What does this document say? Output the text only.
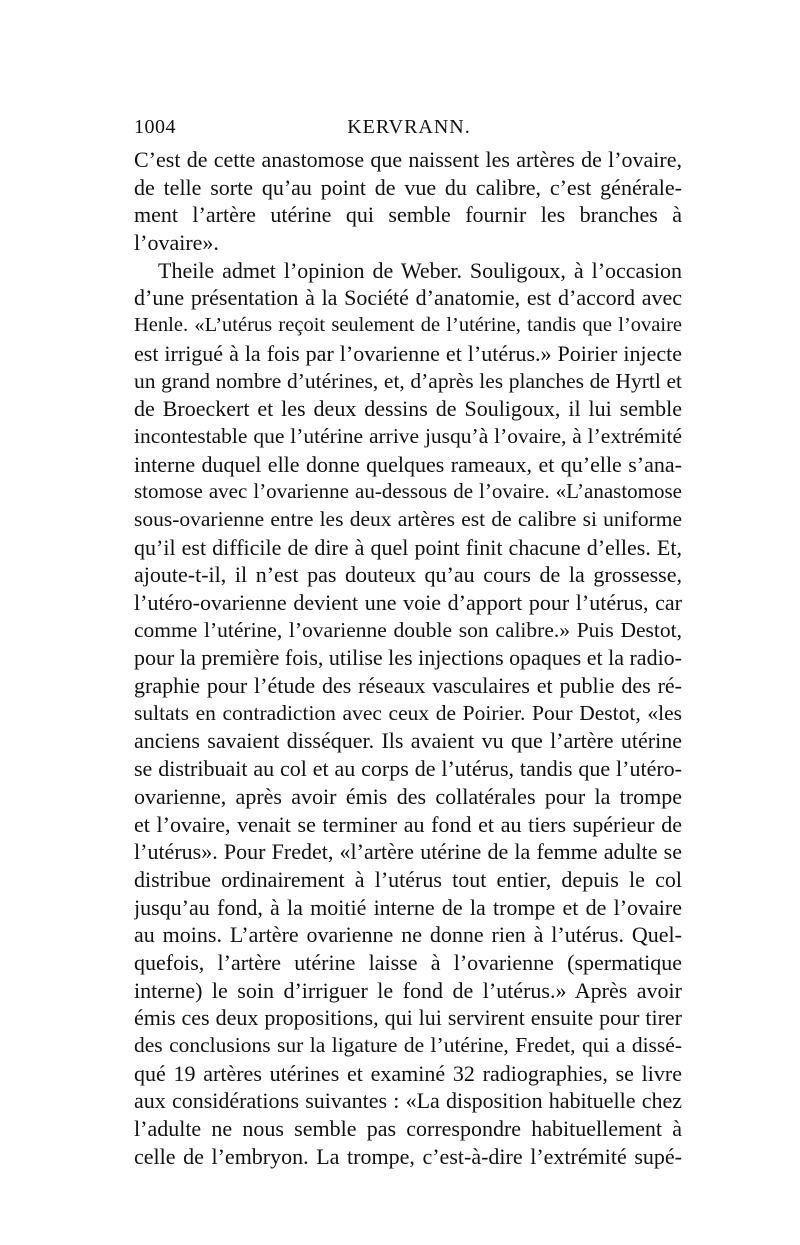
1004	KERVRANN.
C’est de cette anastomose que naissent les artères de l’ovaire,
de telle sorte qu’au point de vue du calibre, c’est générale-
ment l’artère utérine qui semble fournir les branches à
l’ovaire».
Theile admet l’opinion de Weber. Souligoux, à l’occasion
d’une présentation à la Société d’anatomie, est d’accord avec
Henle. «L’utérus reçoit seulement de l’utérine, tandis que l’ovaire
est irrigué à la fois par l’ovarienne et l’utérus.» Poirier injecte
un grand nombre d’utérines, et, d’après les planches de Hyrtl et
de Broeckert et les deux dessins de Souligoux, il lui semble
incontestable que l’utérine arrive jusqu’à l’ovaire, à l’extrémité
interne duquel elle donne quelques rameaux, et qu’elle s’ana-
stomose avec l’ovarienne au-dessous de l’ovaire. «L’anastomose
sous-ovarienne entre les deux artères est de calibre si uniforme
qu’il est difficile de dire à quel point finit chacune d’elles. Et,
ajoute-t-il, il n’est pas douteux qu’au cours de la grossesse,
l’utéro-ovarienne devient une voie d’apport pour l’utérus, car
comme l’utérine, l’ovarienne double son calibre.» Puis Destot,
pour la première fois, utilise les injections opaques et la radio-
graphie pour l’étude des réseaux vasculaires et publie des ré-
sultats en contradiction avec ceux de Poirier. Pour Destot, «les
anciens savaient disséquer. Ils avaient vu que l’artère utérine
se distribuait au col et au corps de l’utérus, tandis que l’utéro-
ovarienne, après avoir émis des collatérales pour la trompe
et l’ovaire, venait se terminer au fond et au tiers supérieur de
l’utérus». Pour Fredet, «l’artère utérine de la femme adulte se
distribue ordinairement à l’utérus tout entier, depuis le col
jusqu’au fond, à la moitié interne de la trompe et de l’ovaire
au moins. L’artère ovarienne ne donne rien à l’utérus. Quel-
quefois, l’artère utérine laisse à l’ovarienne (spermatique
interne) le soin d’irriguer le fond de l’utérus.» Après avoir
émis ces deux propositions, qui lui servirent ensuite pour tirer
des conclusions sur la ligature de l’utérine, Fredet, qui a dissé-
qué 19 artères utérines et examiné 32 radiographies, se livre
aux considérations suivantes : «La disposition habituelle chez
l’adulte ne nous semble pas correspondre habituellement à
celle de l’embryon. La trompe, c’est-à-dire l’extrémité supé-
